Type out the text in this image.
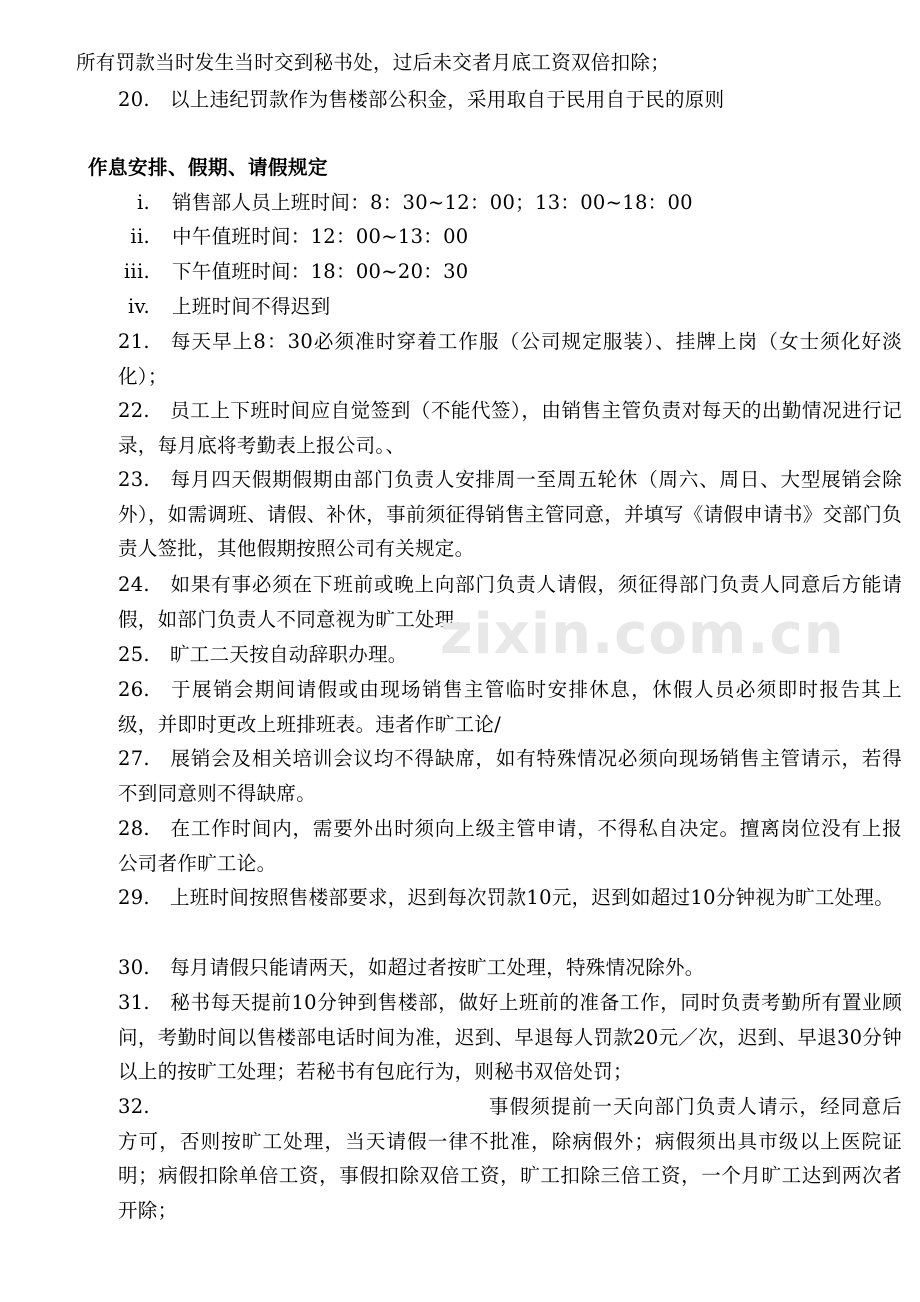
所有罚款当时发生当时交到秘书处，过后未交者月底工资双倍扣除；

20. 以上违纪罚款作为售楼部公积金，采用取自于民用自于民的原则

作息安排、假期、请假规定
i. 销售部人员上班时间：8：30~12：00；13：00~18：00
ii. 中午值班时间：12：00~13：00
iii. 下午值班时间：18：00~20：30
iv. 上班时间不得迟到

21. 每天早上8：30必须准时穿着工作服（公司规定服装）、挂牌上岗（女士须化好淡化）；

22. 员工上下班时间应自觉签到（不能代签），由销售主管负责对每天的出勤情况进行记录，每月底将考勤表上报公司。、

23. 每月四天假期假期由部门负责人安排周一至周五轮休（周六、周日、大型展销会除外），如需调班、请假、补休，事前须征得销售主管同意，并填写《请假申请书》交部门负责人签批，其他假期按照公司有关规定。

24. 如果有事必须在下班前或晚上向部门负责人请假，须征得部门负责人同意后方能请假，如部门负责人不同意视为旷工处理。

25. 旷工二天按自动辞职办理。

26. 于展销会期间请假或由现场销售主管临时安排休息，休假人员必须即时报告其上级，并即时更改上班排班表。违者作旷工论/

27. 展销会及相关培训会议均不得缺席，如有特殊情况必须向现场销售主管请示，若得不到同意则不得缺席。

28. 在工作时间内，需要外出时须向上级主管申请，不得私自决定。擅离岗位没有上报公司者作旷工论。

29. 上班时间按照售楼部要求，迟到每次罚款10元，迟到如超过10分钟视为旷工处理。

30. 每月请假只能请两天，如超过者按旷工处理，特殊情况除外。

31. 秘书每天提前10分钟到售楼部，做好上班前的准备工作，同时负责考勤所有置业顾问，考勤时间以售楼部电话时间为准，迟到、早退每人罚款20元／次，迟到、早退30分钟以上的按旷工处理；若秘书有包庇行为，则秘书双倍处罚；

32.	事假须提前一天向部门负责人请示，经同意后方可，否则按旷工处理，当天请假一律不批准，除病假外；病假须出具市级以上医院证明；病假扣除单倍工资，事假扣除双倍工资，旷工扣除三倍工资，一个月旷工达到两次者开除；

zixin.com.cn
